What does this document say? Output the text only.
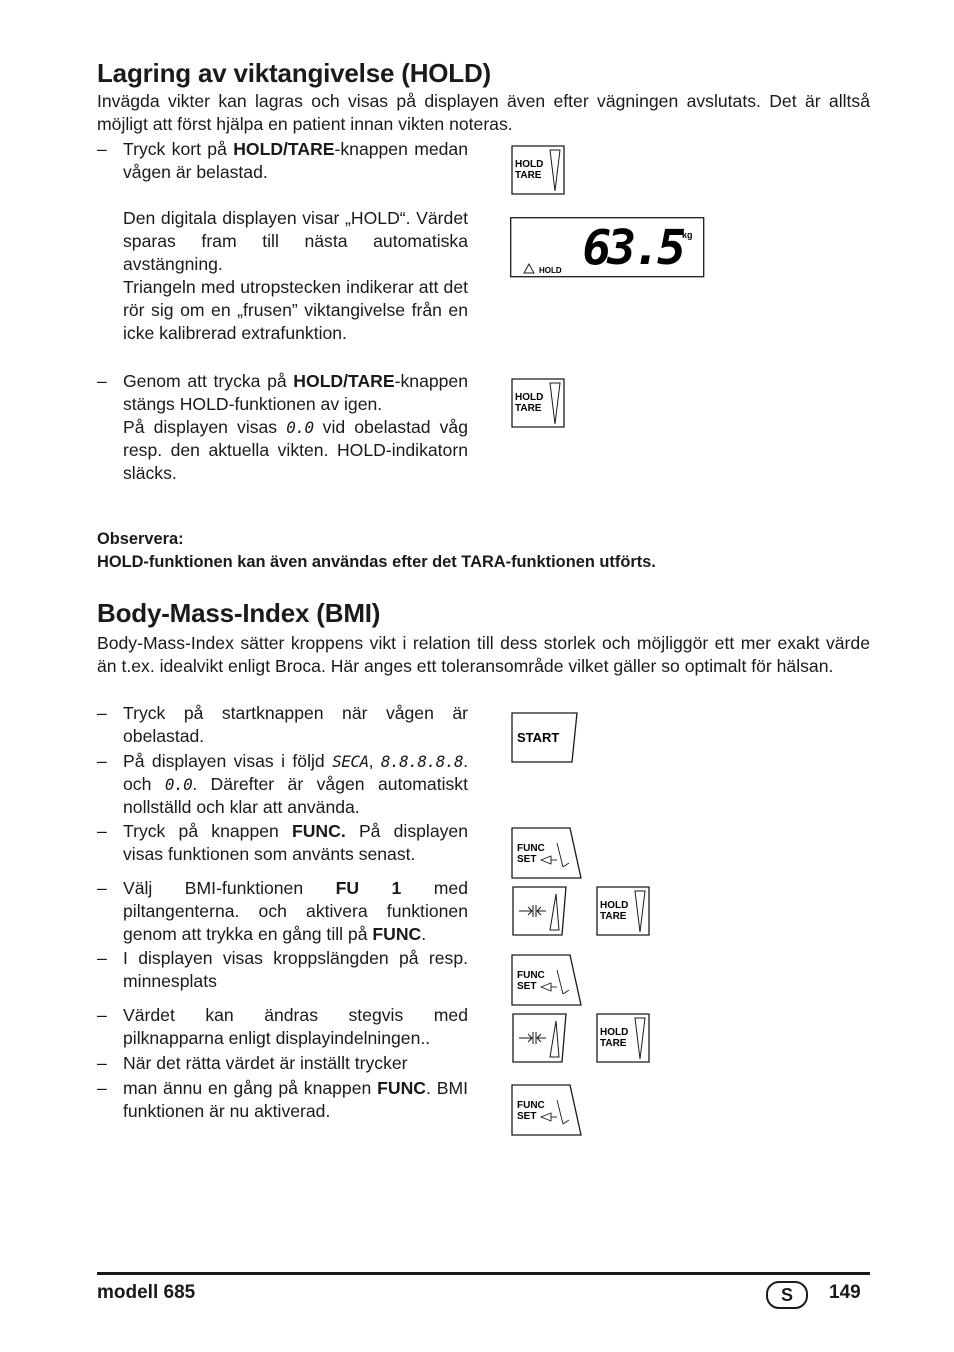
Lagring av viktangivelse (HOLD)

Invägda vikter kan lagras och visas på displayen även efter vägningen avslutats. Det är alltså möjligt att först hjälpa en patient innan vikten noteras.

– Tryck kort på HOLD/TARE-knappen medan vågen är belastad.
Den digitala displayen visar „HOLD“. Värdet sparas fram till nästa automatiska avstängning.
Triangeln med utropstecken indikerar att det rör sig om en „frusen” viktangivelse från en icke kalibrerad extrafunktion.
– Genom att trycka på HOLD/TARE-knappen stängs HOLD-funktionen av igen.
På displayen visas 0.0 vid obelastad våg resp. den aktuella vikten. HOLD-indikatorn släcks.
Observera:
HOLD-funktionen kan även användas efter det TARA-funktionen utförts.
HOLD
TARE
63.5 kg
HOLD
HOLD
TARE
Body-Mass-Index (BMI)

Body-Mass-Index sätter kroppens vikt i relation till dess storlek och möjliggör ett mer exakt värde än t.ex. idealvikt enligt Broca. Här anges ett toleransområde vilket gäller so optimalt för hälsan.

– Tryck på startknappen när vågen är obelastad.
– På displayen visas i följd SECA, 8.8.8.8.8. och 0.0. Därefter är vågen automatiskt nollställd och klar att använda.
– Tryck på knappen FUNC. På displayen visas funktionen som använts senast.
– Välj BMI-funktionen FU 1 med piltangenterna. och aktivera funktionen genom att trykka en gång till på FUNC.
– I displayen visas kroppslängden på resp. minnesplats
– Värdet kan ändras stegvis med pilknapparna enligt displayindelningen..
– När det rätta värdet är inställt trycker
– man ännu en gång på knappen FUNC. BMI funktionen är nu aktiverad.
START
FUNC
SET
HOLD
TARE
FUNC
SET
HOLD
TARE
FUNC
SET
modell 685	S	149
